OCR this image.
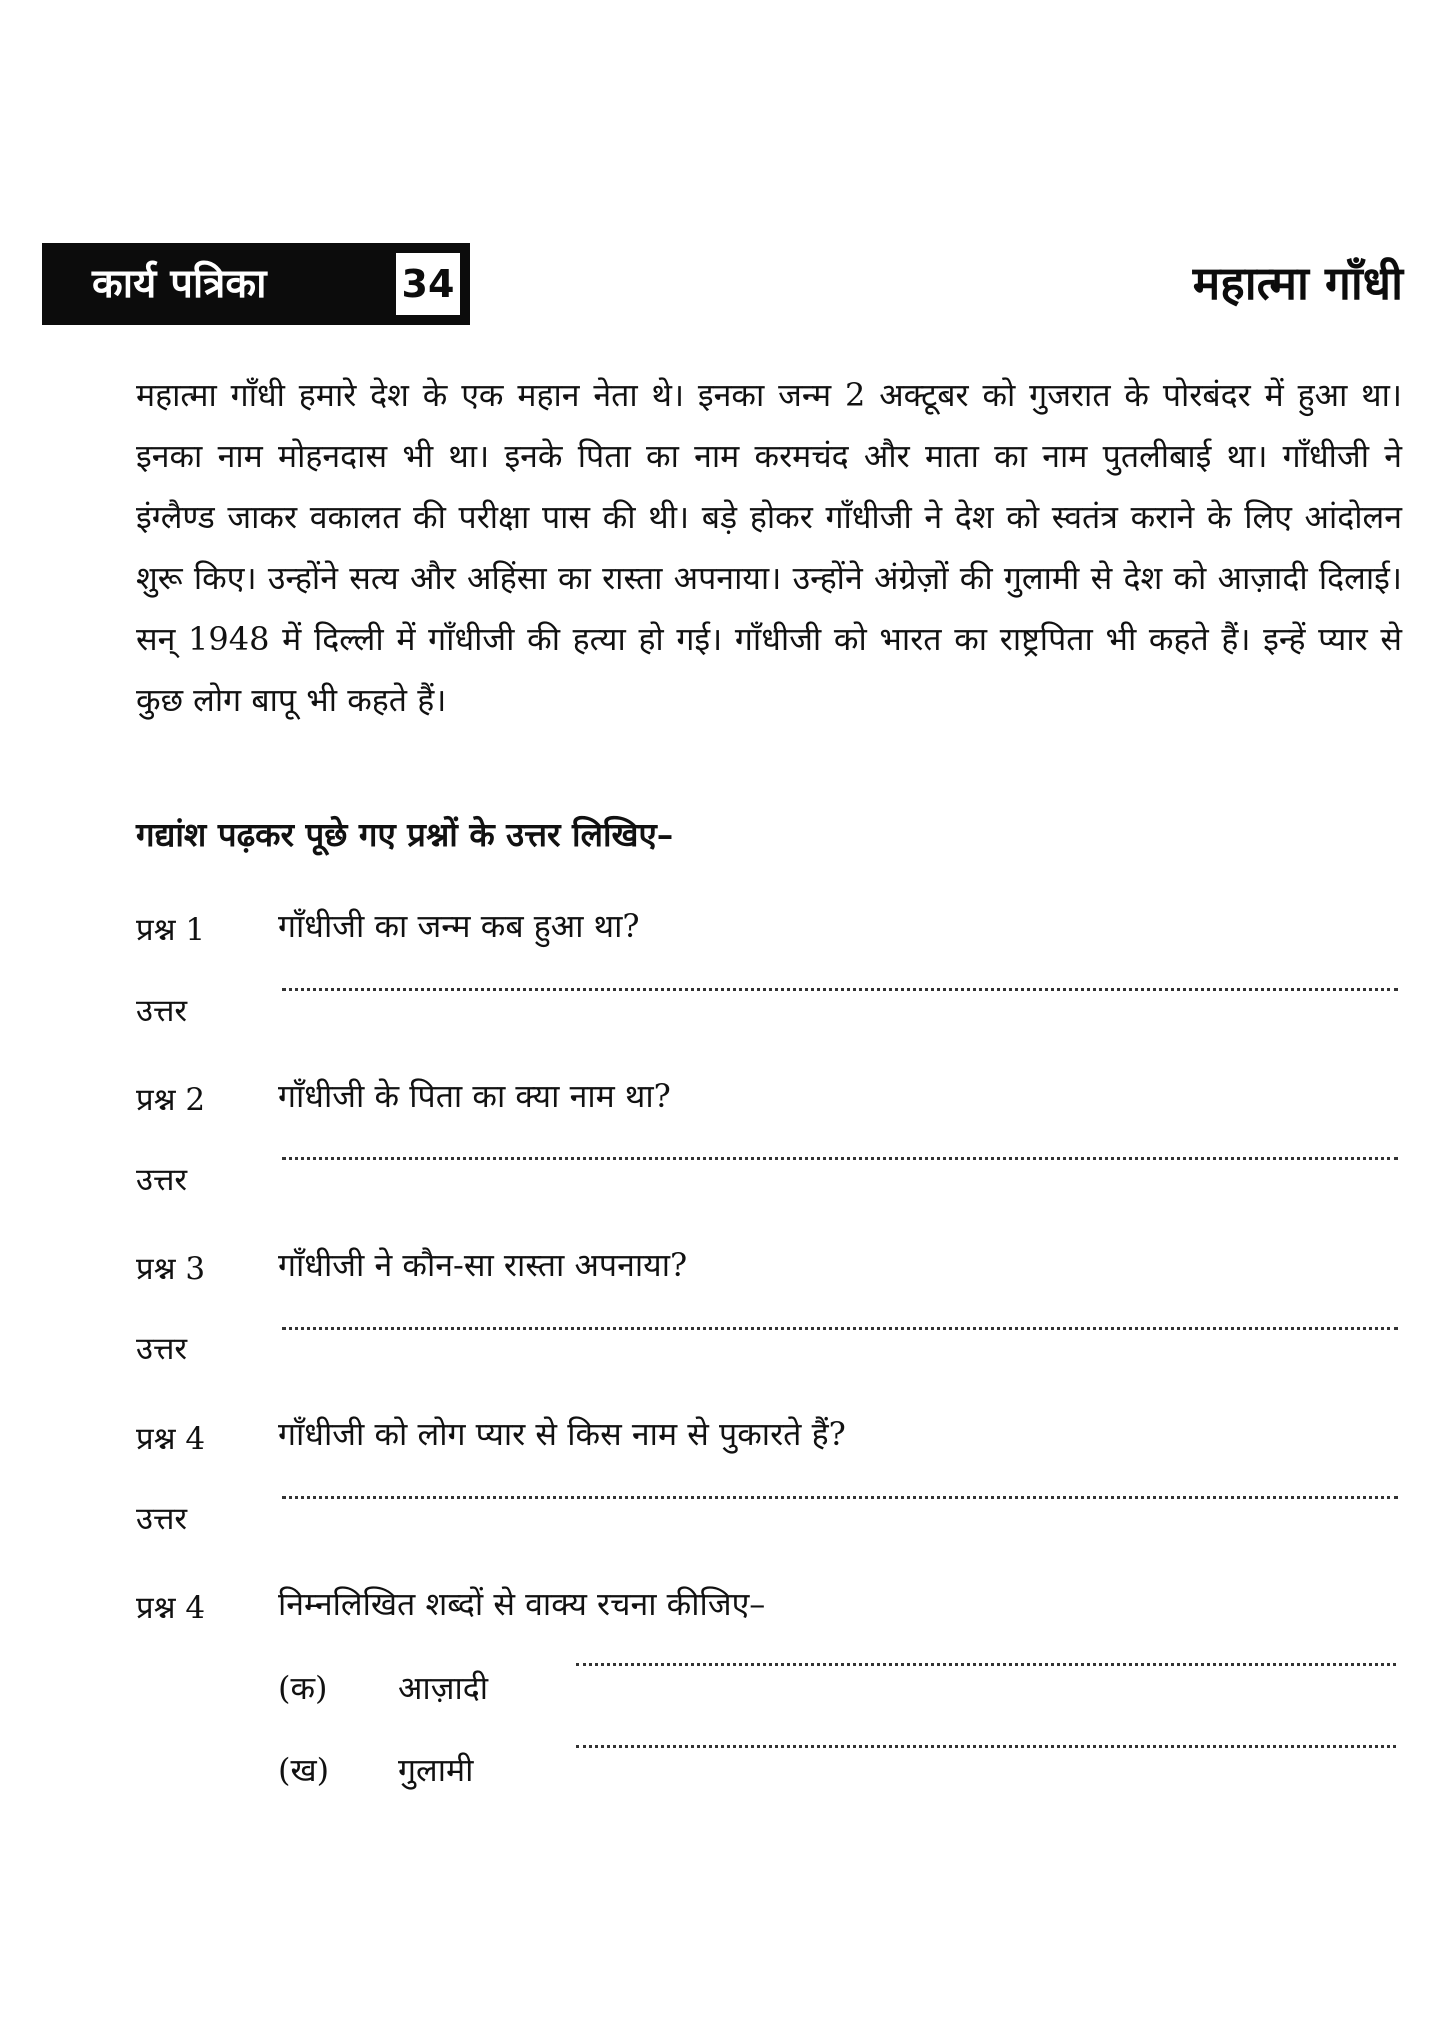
कार्य पत्रिका	34	महात्मा गाँधी

महात्मा गाँधी हमारे देश के एक महान नेता थे। इनका जन्म 2 अक्टूबर को गुजरात के पोरबंदर में हुआ था। इनका नाम मोहनदास भी था। इनके पिता का नाम करमचंद और माता का नाम पुतलीबाई था। गाँधीजी ने इंग्लैण्ड जाकर वकालत की परीक्षा पास की थी। बड़े होकर गाँधीजी ने देश को स्वतंत्र कराने के लिए आंदोलन शुरू किए। उन्होंने सत्य और अहिंसा का रास्ता अपनाया। उन्होंने अंग्रेज़ों की गुलामी से देश को आज़ादी दिलाई। सन् 1948 में दिल्ली में गाँधीजी की हत्या हो गई। गाँधीजी को भारत का राष्ट्रपिता भी कहते हैं। इन्हें प्यार से कुछ लोग बापू भी कहते हैं।

गद्यांश पढ़कर पूछे गए प्रश्नों के उत्तर लिखिए–
प्रश्न 1 गाँधीजी का जन्म कब हुआ था?
उत्तर
प्रश्न 2 गाँधीजी के पिता का क्या नाम था?
उत्तर
प्रश्न 3 गाँधीजी ने कौन-सा रास्ता अपनाया?
उत्तर
प्रश्न 4 गाँधीजी को लोग प्यार से किस नाम से पुकारते हैं?
उत्तर
प्रश्न 4 निम्नलिखित शब्दों से वाक्य रचना कीजिए–
(क) आज़ादी
(ख) गुलामी
